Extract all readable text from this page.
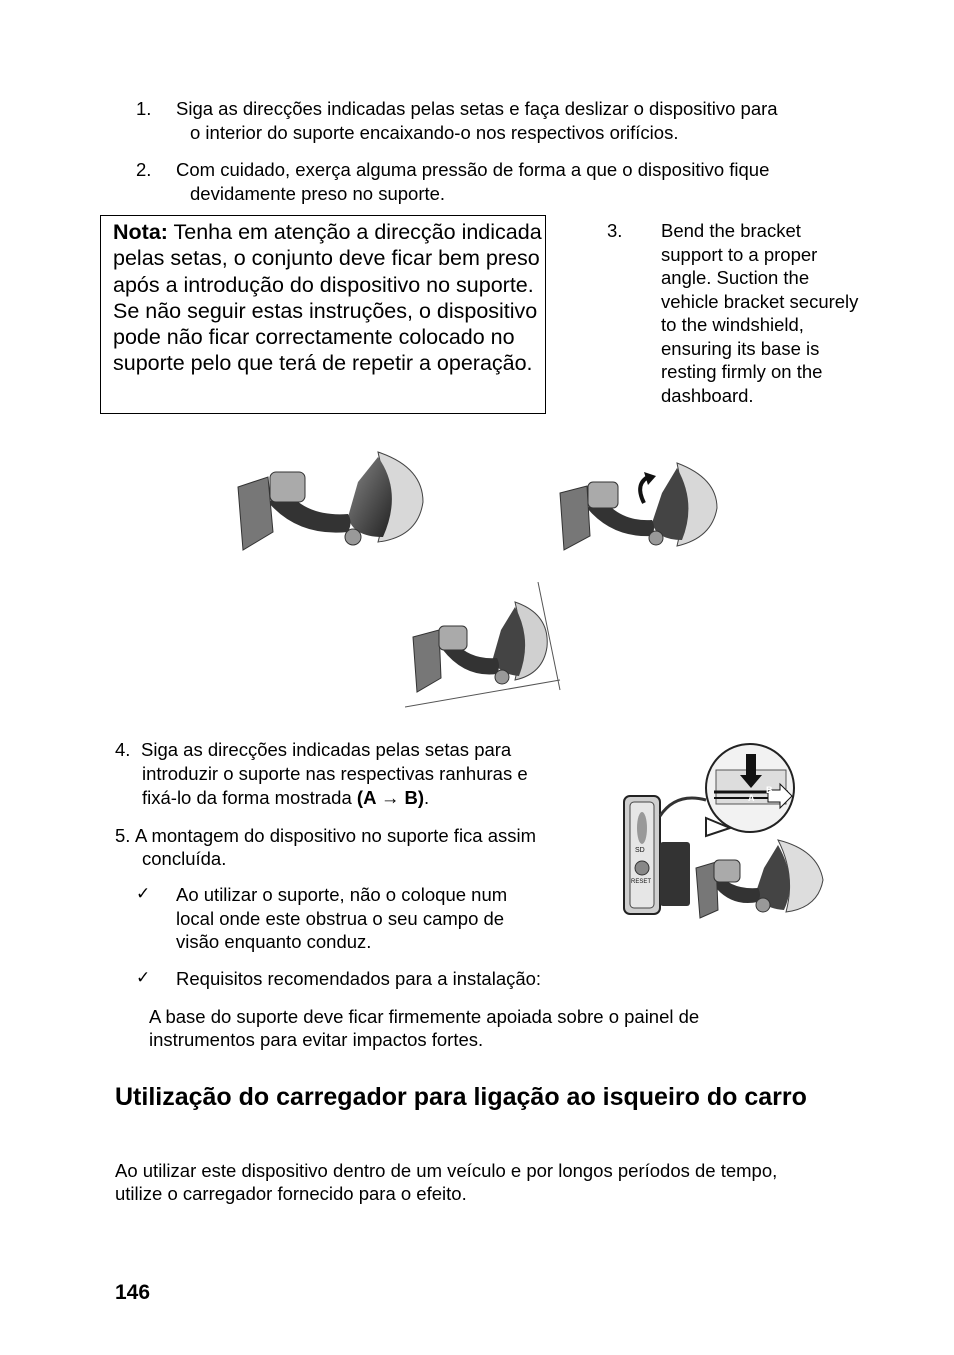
1. Siga as direcções indicadas pelas setas e faça deslizar o dispositivo para
o interior do suporte encaixando-o nos respectivos orifícios.
2. Com cuidado, exerça alguma pressão de forma a que o dispositivo fique
devidamente preso no suporte.
Nota: Tenha em atenção a direcção indicada pelas setas, o conjunto deve ficar bem preso após a introdução do dispositivo no suporte. Se não seguir estas instruções, o dispositivo pode não ficar correctamente colocado no suporte pelo que terá de repetir a operação.
3. Bend the bracket support to a proper angle. Suction the vehicle bracket securely to the windshield, ensuring its base is resting firmly on the dashboard.
4. Siga as direcções indicadas pelas setas para
introduzir o suporte nas respectivas ranhuras e
fixá-lo da forma mostrada (A → B).
5. A montagem do dispositivo no suporte fica assim
concluída.
✓ Ao utilizar o suporte, não o coloque num
local onde este obstrua o seu campo de
visão enquanto conduz.
✓ Requisitos recomendados para a instalação:
A
B
RESET
SD
A base do suporte deve ficar firmemente apoiada sobre o painel de
instrumentos para evitar impactos fortes.
Utilização do carregador para ligação ao isqueiro do carro
Ao utilizar este dispositivo dentro de um veículo e por longos períodos de tempo,
utilize o carregador fornecido para o efeito.
146
